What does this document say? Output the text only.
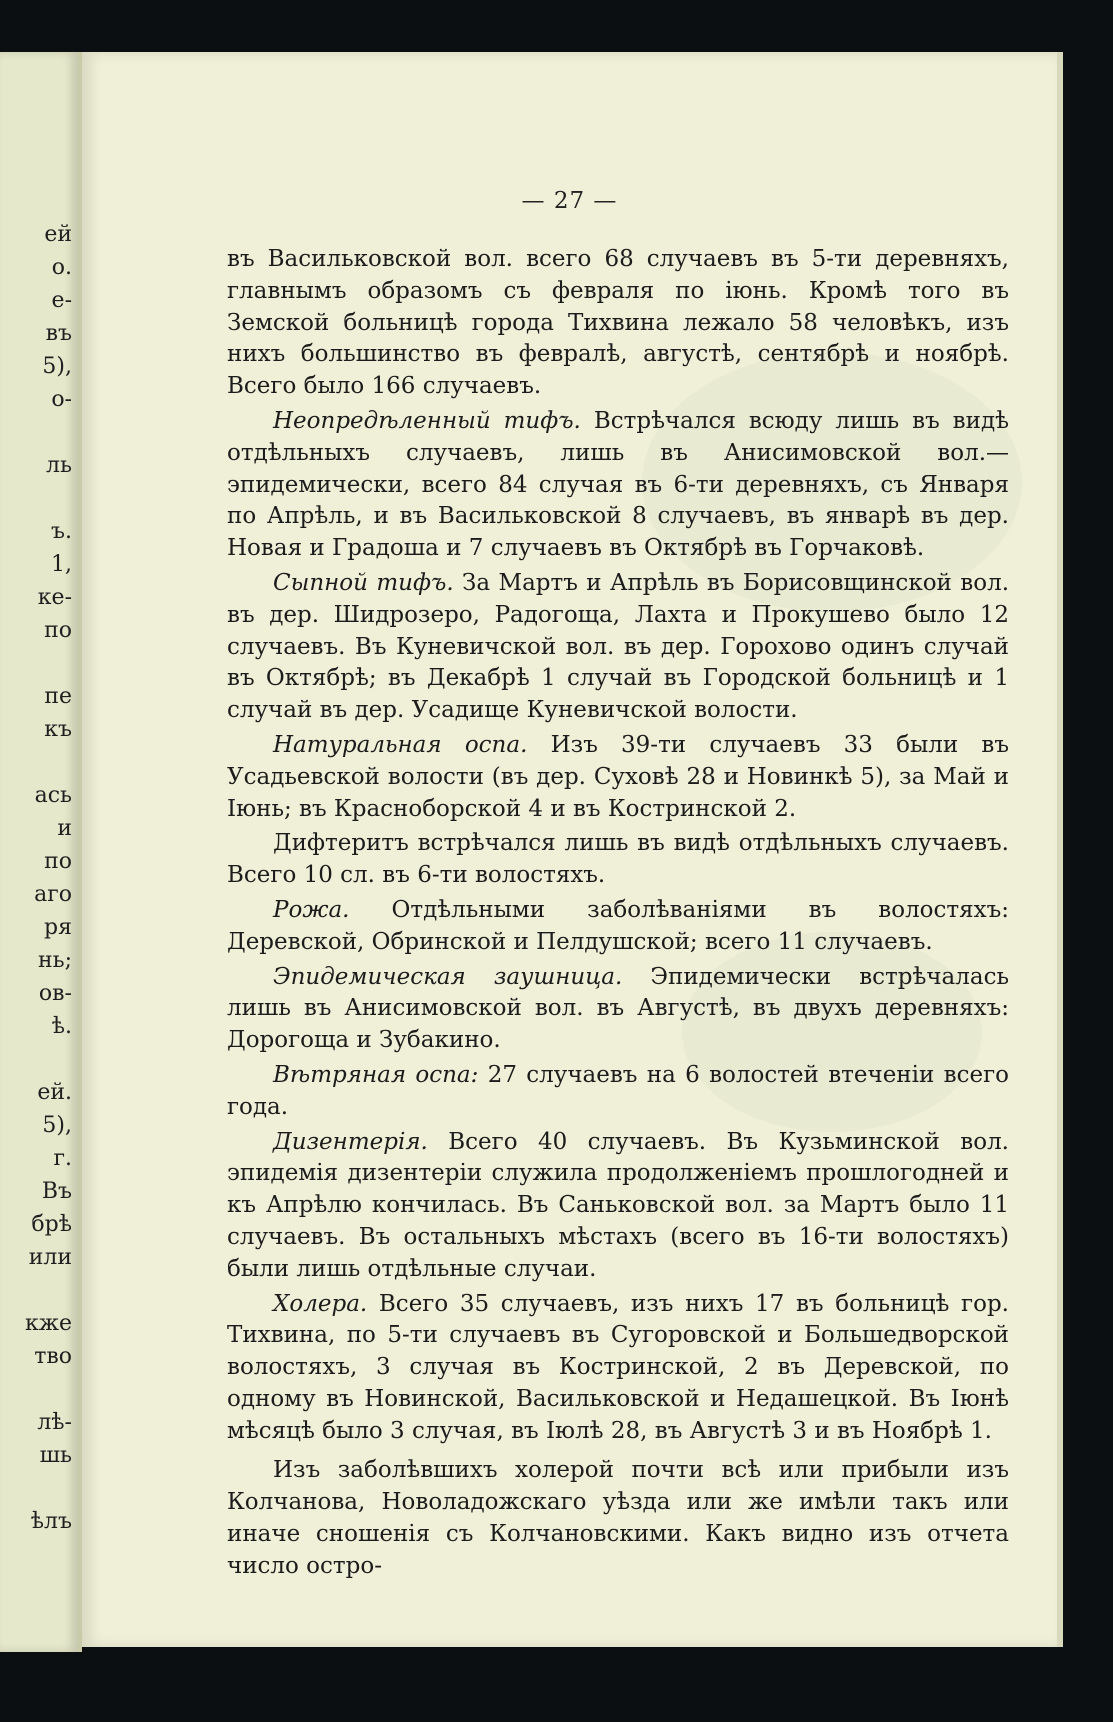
ей
о.
е-
въ
5),
о-
ль
ъ.
1,
ке-
по
пе
къ
ась
и
по
аго
ря
нь;
ов-
ѣ.
ей.
5),
г.
Въ
брѣ
или
кже
тво
лѣ-
шь
ѣлъ
— 27 —

въ Васильковской вол. всего 68 случаевъ въ 5-ти деревняхъ, главнымъ образомъ съ февраля по іюнь. Кромѣ того въ Земской больницѣ города Тихвина лежало 58 человѣкъ, изъ нихъ большинство въ февралѣ, августѣ, сентябрѣ и ноябрѣ. Всего было 166 случаевъ.

Неопредѣленный тифъ. Встрѣчался всюду лишь въ видѣ отдѣльныхъ случаевъ, лишь въ Анисимовской вол.—эпидемически, всего 84 случая въ 6-ти деревняхъ, съ Января по Апрѣль, и въ Васильковской 8 случаевъ, въ январѣ въ дер. Новая и Градоша и 7 случаевъ въ Октябрѣ въ Горчаковѣ.

Сыпной тифъ. За Мартъ и Апрѣль въ Борисовщинской вол. въ дер. Шидрозеро, Радогоща, Лахта и Прокушево было 12 случаевъ. Въ Куневичской вол. въ дер. Горохово одинъ случай въ Октябрѣ; въ Декабрѣ 1 случай въ Городской больницѣ и 1 случай въ дер. Усадище Куневичской волости.

Натуральная оспа. Изъ 39-ти случаевъ 33 были въ Усадьевской волости (въ дер. Суховѣ 28 и Новинкѣ 5), за Май и Іюнь; въ Красноборской 4 и въ Костринской 2.

Дифтеритъ встрѣчался лишь въ видѣ отдѣльныхъ случаевъ. Всего 10 сл. въ 6-ти волостяхъ.

Рожа. Отдѣльными заболѣваніями въ волостяхъ: Деревской, Обринской и Пелдушской; всего 11 случаевъ.

Эпидемическая заушница. Эпидемически встрѣчалась лишь въ Анисимовской вол. въ Августѣ, въ двухъ деревняхъ: Дорогоща и Зубакино.

Вѣтряная оспа: 27 случаевъ на 6 волостей втеченіи всего года.

Дизентерія. Всего 40 случаевъ. Въ Кузьминской вол. эпидемія дизентеріи служила продолженіемъ прошлогодней и къ Апрѣлю кончилась. Въ Саньковской вол. за Мартъ было 11 случаевъ. Въ остальныхъ мѣстахъ (всего въ 16-ти волостяхъ) были лишь отдѣльные случаи.

Холера. Всего 35 случаевъ, изъ нихъ 17 въ больницѣ гор. Тихвина, по 5-ти случаевъ въ Сугоровской и Большедворской волостяхъ, 3 случая въ Костринской, 2 въ Деревской, по одному въ Новинской, Васильковской и Недашецкой. Въ Іюнѣ мѣсяцѣ было 3 случая, въ Іюлѣ 28, въ Августѣ 3 и въ Ноябрѣ 1.

Изъ заболѣвшихъ холерой почти всѣ или прибыли изъ Колчанова, Новоладожскаго уѣзда или же имѣли такъ или иначе сношенія съ Колчановскими. Какъ видно изъ отчета число остро-
